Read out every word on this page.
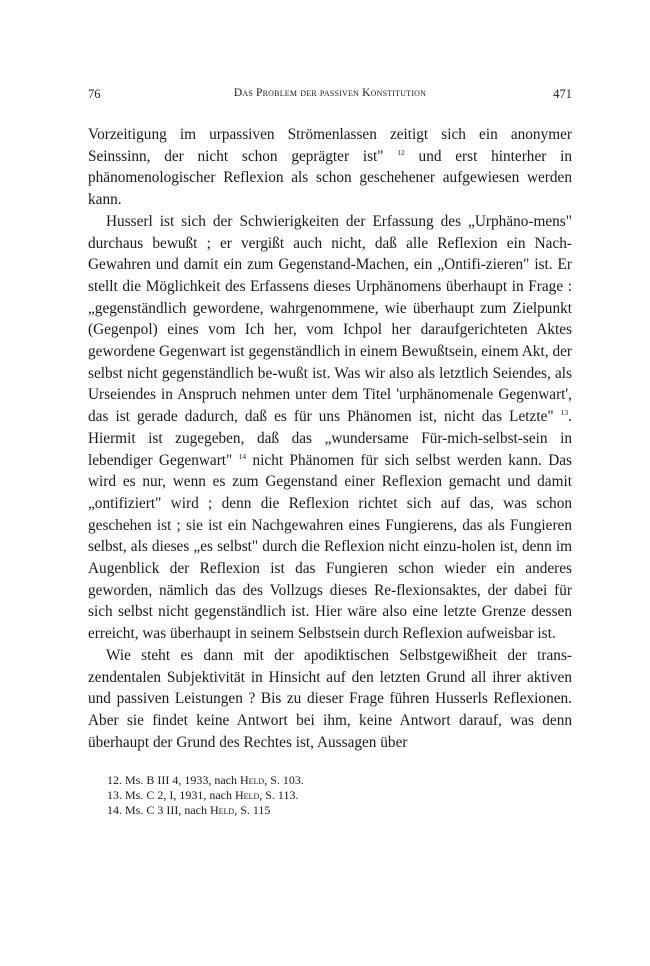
76	Das Problem der passiven Konstitution	471

Vorzeitigung im urpassiven Strömenlassen zeitigt sich ein anonymer Seinssinn, der nicht schon geprägter ist" $^{12}$ und erst hinterher in phänomenologischer Reflexion als schon geschehener aufgewiesen werden kann.

Husserl ist sich der Schwierigkeiten der Erfassung des „Urphäno-mens" durchaus bewußt ; er vergißt auch nicht, daß alle Reflexion ein Nach-Gewahren und damit ein zum Gegenstand-Machen, ein „Ontifi-zieren" ist. Er stellt die Möglichkeit des Erfassens dieses Urphänomens überhaupt in Frage : „gegenständlich gewordene, wahrgenommene, wie überhaupt zum Zielpunkt (Gegenpol) eines vom Ich her, vom Ichpol her daraufgerichteten Aktes gewordene Gegenwart ist gegenständlich in einem Bewußtsein, einem Akt, der selbst nicht gegenständlich be-wußt ist. Was wir also als letztlich Seiendes, als Urseiendes in Anspruch nehmen unter dem Titel 'urphänomenale Gegenwart', das ist gerade dadurch, daß es für uns Phänomen ist, nicht das Letzte" $^{13}$. Hiermit ist zugegeben, daß das „wundersame Für-mich-selbst-sein in lebendiger Gegenwart" $^{14}$ nicht Phänomen für sich selbst werden kann. Das wird es nur, wenn es zum Gegenstand einer Reflexion gemacht und damit „ontifiziert" wird ; denn die Reflexion richtet sich auf das, was schon geschehen ist ; sie ist ein Nachgewahren eines Fungierens, das als Fungieren selbst, als dieses „es selbst" durch die Reflexion nicht einzu-holen ist, denn im Augenblick der Reflexion ist das Fungieren schon wieder ein anderes geworden, nämlich das des Vollzugs dieses Re-flexionsaktes, der dabei für sich selbst nicht gegenständlich ist. Hier wäre also eine letzte Grenze dessen erreicht, was überhaupt in seinem Selbstsein durch Reflexion aufweisbar ist.

Wie steht es dann mit der apodiktischen Selbstgewißheit der trans-zendentalen Subjektivität in Hinsicht auf den letzten Grund all ihrer aktiven und passiven Leistungen ? Bis zu dieser Frage führen Husserls Reflexionen. Aber sie findet keine Antwort bei ihm, keine Antwort darauf, was denn überhaupt der Grund des Rechtes ist, Aussagen über

12. Ms. B III 4, 1933, nach Held, S. 103.

13. Ms. C 2, I, 1931, nach Held, S. 113.

14. Ms. C 3 III, nach Held, S. 115
